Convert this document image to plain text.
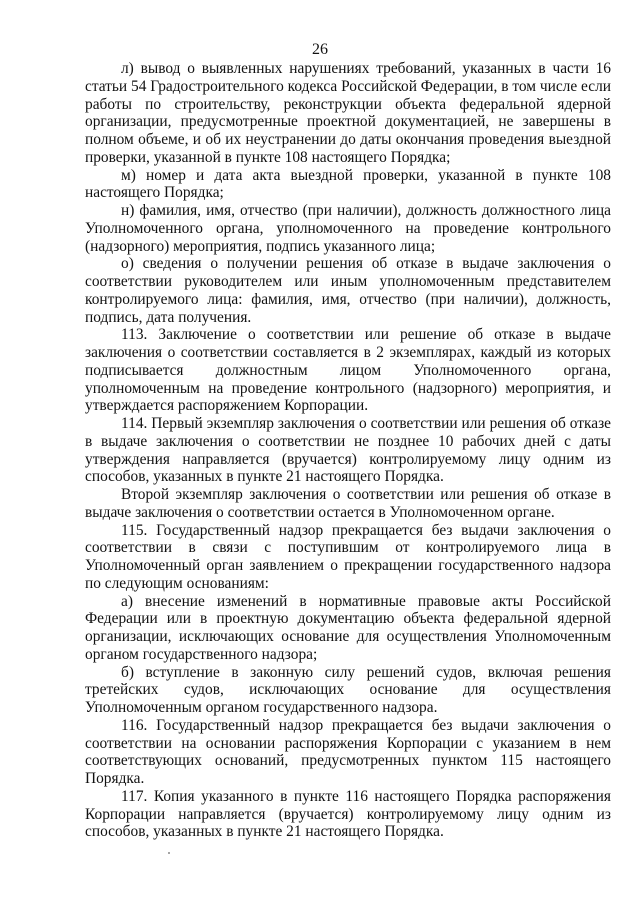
26

л) вывод о выявленных нарушениях требований, указанных в части 16 статьи 54 Градостроительного кодекса Российской Федерации, в том числе если работы по строительству, реконструкции объекта федеральной ядерной организации, предусмотренные проектной документацией, не завершены в полном объеме, и об их неустранении до даты окончания проведения выездной проверки, указанной в пункте 108 настоящего Порядка;

м) номер и дата акта выездной проверки, указанной в пункте 108 настоящего Порядка;

н) фамилия, имя, отчество (при наличии), должность должностного лица Уполномоченного органа, уполномоченного на проведение контрольного (надзорного) мероприятия, подпись указанного лица;

о) сведения о получении решения об отказе в выдаче заключения о соответствии руководителем или иным уполномоченным представителем контролируемого лица: фамилия, имя, отчество (при наличии), должность, подпись, дата получения.

113. Заключение о соответствии или решение об отказе в выдаче заключения о соответствии составляется в 2 экземплярах, каждый из которых подписывается должностным лицом Уполномоченного органа, уполномоченным на проведение контрольного (надзорного) мероприятия, и утверждается распоряжением Корпорации.

114. Первый экземпляр заключения о соответствии или решения об отказе в выдаче заключения о соответствии не позднее 10 рабочих дней с даты утверждения направляется (вручается) контролируемому лицу одним из способов, указанных в пункте 21 настоящего Порядка.

Второй экземпляр заключения о соответствии или решения об отказе в выдаче заключения о соответствии остается в Уполномоченном органе.

115. Государственный надзор прекращается без выдачи заключения о соответствии в связи с поступившим от контролируемого лица в Уполномоченный орган заявлением о прекращении государственного надзора по следующим основаниям:

а) внесение изменений в нормативные правовые акты Российской Федерации или в проектную документацию объекта федеральной ядерной организации, исключающих основание для осуществления Уполномоченным органом государственного надзора;

б) вступление в законную силу решений судов, включая решения третейских судов, исключающих основание для осуществления Уполномоченным органом государственного надзора.

116. Государственный надзор прекращается без выдачи заключения о соответствии на основании распоряжения Корпорации с указанием в нем соответствующих оснований, предусмотренных пунктом 115 настоящего Порядка.

117. Копия указанного в пункте 116 настоящего Порядка распоряжения Корпорации направляется (вручается) контролируемому лицу одним из способов, указанных в пункте 21 настоящего Порядка.
